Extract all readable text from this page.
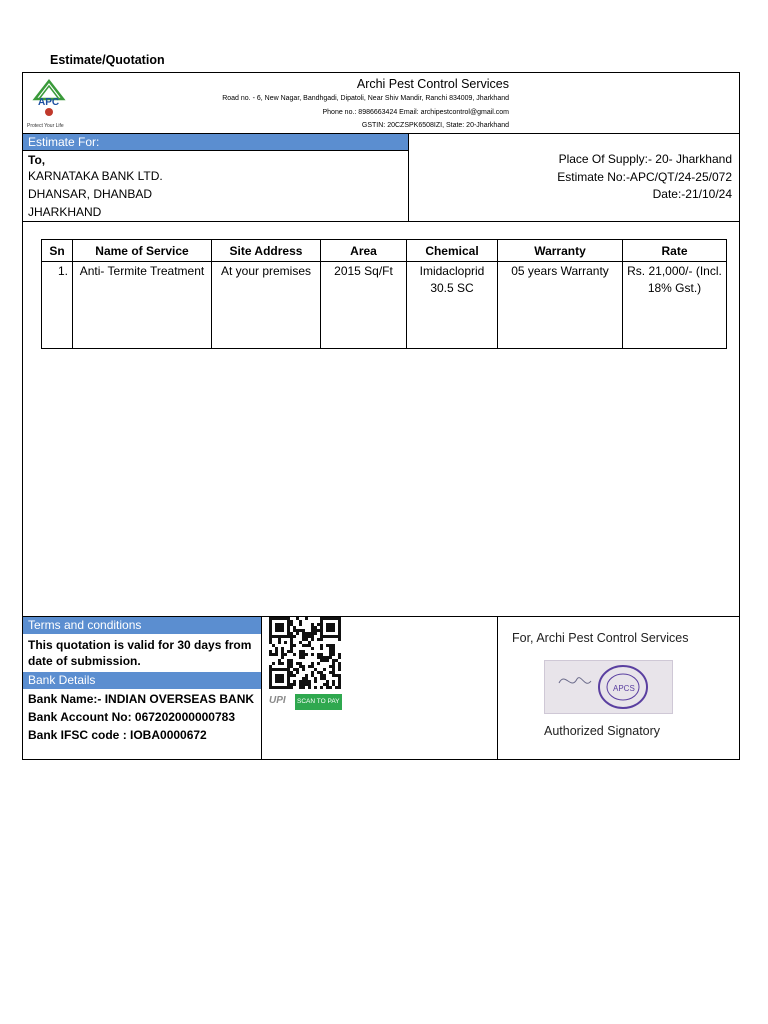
Estimate/Quotation
APC
Protect Your Life
Archi Pest Control Services
Road no. - 6, New Nagar, Bandhgadi, Dipatoli, Near Shiv Mandir, Ranchi 834009, Jharkhand
Phone no.: 8986663424 Email: archipestcontrol@gmail.com
GSTIN: 20CZSPK6508IZI, State: 20-Jharkhand
Estimate For:
To,
KARNATAKA BANK LTD.
DHANSAR, DHANBAD
JHARKHAND
Place Of Supply:- 20- Jharkhand
Estimate No:-APC/QT/24-25/072
Date:-21/10/24
Sn	Name of Service	Site Address	Area	Chemical	Warranty	Rate
1.	Anti- Termite Treatment	At your premises	2015 Sq/Ft	Imidacloprid 30.5 SC	05 years Warranty	Rs. 21,000/- (Incl. 18% Gst.)
Terms and conditions
This quotation is valid for 30 days from date of submission.
Bank Details
Bank Name:- INDIAN OVERSEAS BANK
Bank Account No: 067202000000783
Bank IFSC code : IOBA0000672
UPI	SCAN TO PAY
For, Archi Pest Control Services
APCS
Authorized Signatory
